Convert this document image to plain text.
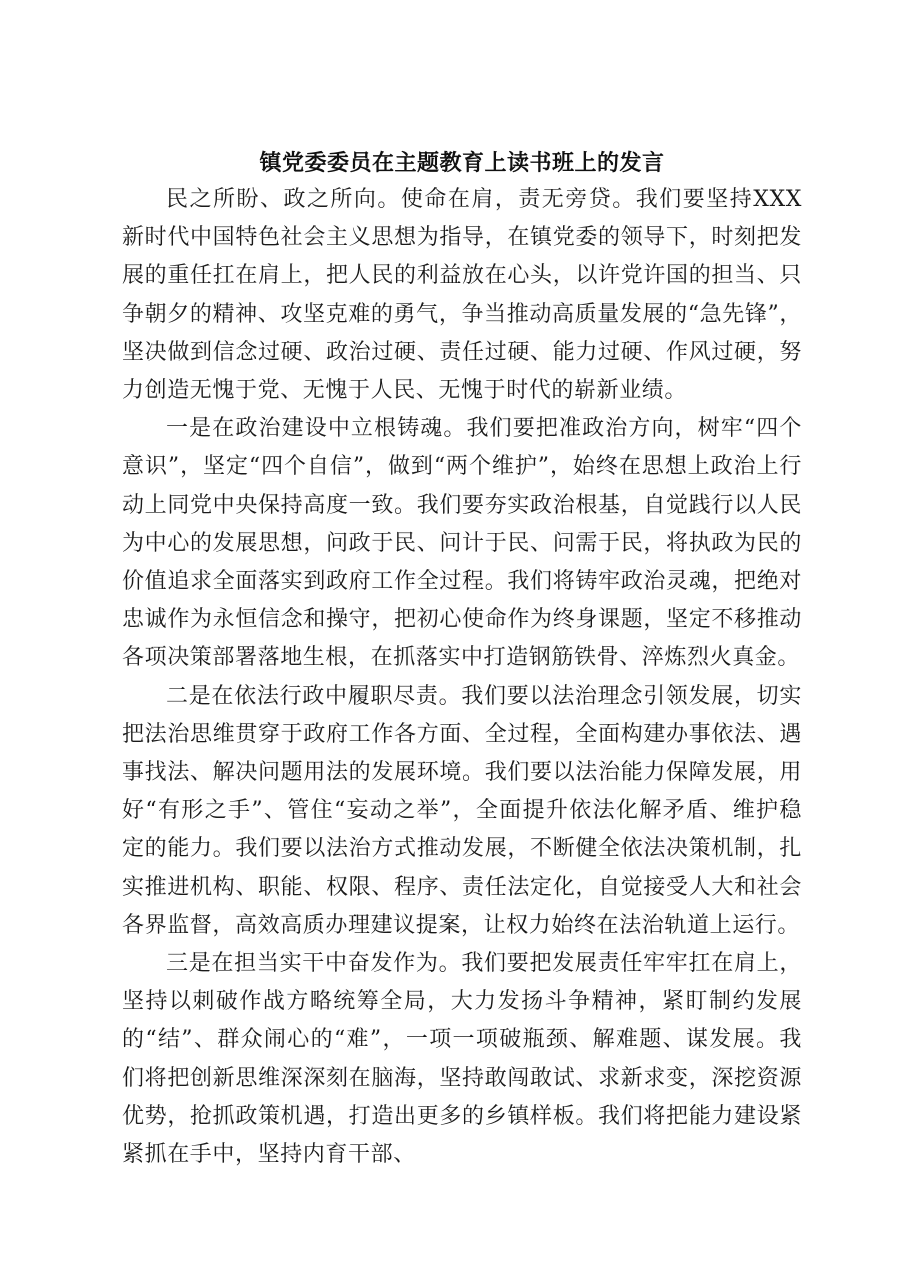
镇党委委员在主题教育上读书班上的发言

民之所盼、政之所向。使命在肩，责无旁贷。我们要坚持XXX新时代中国特色社会主义思想为指导，在镇党委的领导下，时刻把发展的重任扛在肩上，把人民的利益放在心头，以许党许国的担当、只争朝夕的精神、攻坚克难的勇气，争当推动高质量发展的“急先锋”，坚决做到信念过硬、政治过硬、责任过硬、能力过硬、作风过硬，努力创造无愧于党、无愧于人民、无愧于时代的崭新业绩。

一是在政治建设中立根铸魂。我们要把准政治方向，树牢“四个意识”，坚定“四个自信”，做到“两个维护”，始终在思想上政治上行动上同党中央保持高度一致。我们要夯实政治根基，自觉践行以人民为中心的发展思想，问政于民、问计于民、问需于民，将执政为民的价值追求全面落实到政府工作全过程。我们将铸牢政治灵魂，把绝对忠诚作为永恒信念和操守，把初心使命作为终身课题，坚定不移推动各项决策部署落地生根，在抓落实中打造钢筋铁骨、淬炼烈火真金。

二是在依法行政中履职尽责。我们要以法治理念引领发展，切实把法治思维贯穿于政府工作各方面、全过程，全面构建办事依法、遇事找法、解决问题用法的发展环境。我们要以法治能力保障发展，用好“有形之手”、管住“妄动之举”，全面提升依法化解矛盾、维护稳定的能力。我们要以法治方式推动发展，不断健全依法决策机制，扎实推进机构、职能、权限、程序、责任法定化，自觉接受人大和社会各界监督，高效高质办理建议提案，让权力始终在法治轨道上运行。

三是在担当实干中奋发作为。我们要把发展责任牢牢扛在肩上，坚持以刺破作战方略统筹全局，大力发扬斗争精神，紧盯制约发展的“结”、群众闹心的“难”，一项一项破瓶颈、解难题、谋发展。我们将把创新思维深深刻在脑海，坚持敢闯敢试、求新求变，深挖资源优势，抢抓政策机遇，打造出更多的乡镇样板。我们将把能力建设紧紧抓在手中，坚持内育干部、
